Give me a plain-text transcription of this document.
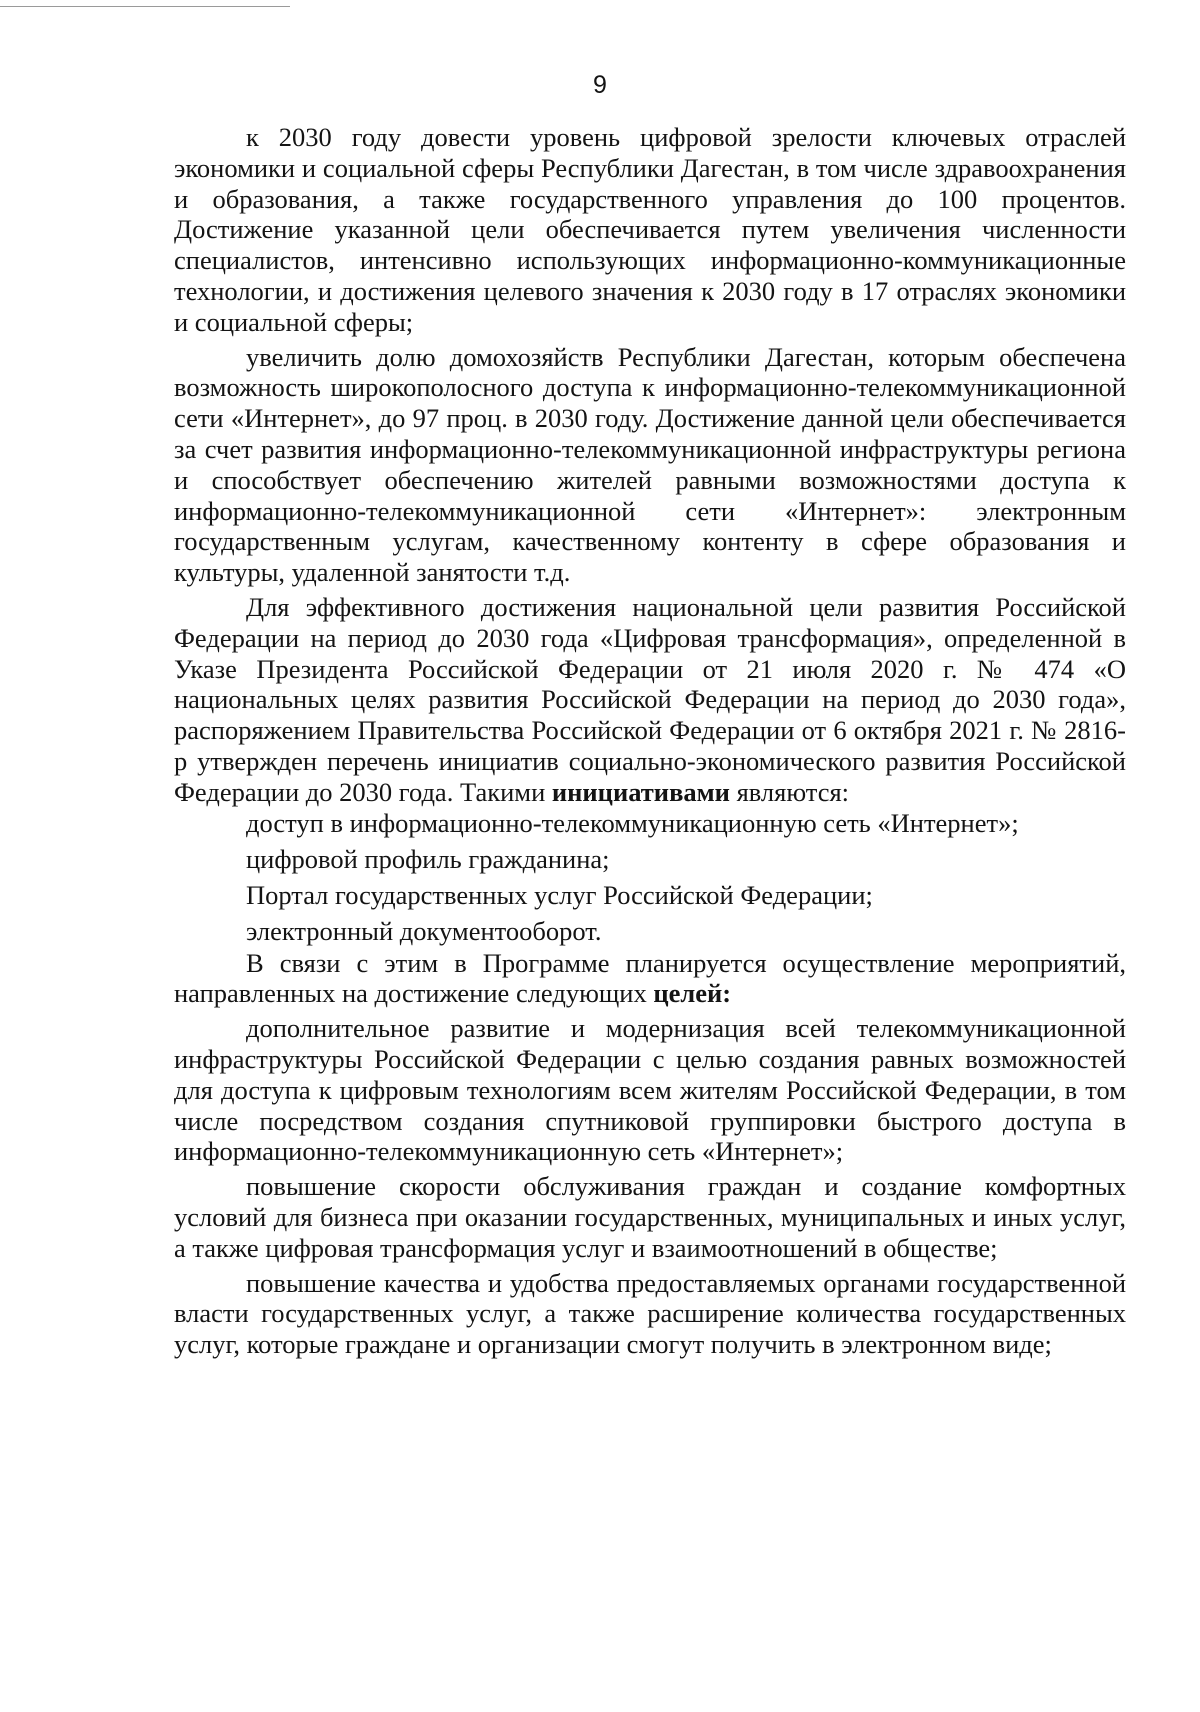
9

к 2030 году довести уровень цифровой зрелости ключевых отраслей экономики и социальной сферы Республики Дагестан, в том числе здравоохранения и образования, а также государственного управления до 100 процентов. Достижение указанной цели обеспечивается путем увеличения численности специалистов, интенсивно использующих информационно-коммуникационные технологии, и достижения целевого значения к 2030 году в 17 отраслях экономики и социальной сферы;

увеличить долю домохозяйств Республики Дагестан, которым обеспечена возможность широкополосного доступа к информационно-телекоммуникационной сети «Интернет», до 97 проц. в 2030 году. Достижение данной цели обеспечивается за счет развития информационно-телекоммуникационной инфраструктуры региона и способствует обеспечению жителей равными возможностями доступа к информационно-телекоммуникационной сети «Интернет»: электронным государственным услугам, качественному контенту в сфере образования и культуры, удаленной занятости т.д.

Для эффективного достижения национальной цели развития Российской Федерации на период до 2030 года «Цифровая трансформация», определенной в Указе Президента Российской Федерации от 21 июля 2020 г. № 474 «О национальных целях развития Российской Федерации на период до 2030 года», распоряжением Правительства Российской Федерации от 6 октября 2021 г. № 2816-р утвержден перечень инициатив социально-экономического развития Российской Федерации до 2030 года. Такими инициативами являются:

доступ в информационно-телекоммуникационную сеть «Интернет»;
цифровой профиль гражданина;
Портал государственных услуг Российской Федерации;
электронный документооборот.

В связи с этим в Программе планируется осуществление мероприятий, направленных на достижение следующих целей:

дополнительное развитие и модернизация всей телекоммуникационной инфраструктуры Российской Федерации с целью создания равных возможностей для доступа к цифровым технологиям всем жителям Российской Федерации, в том числе посредством создания спутниковой группировки быстрого доступа в информационно-телекоммуникационную сеть «Интернет»;

повышение скорости обслуживания граждан и создание комфортных условий для бизнеса при оказании государственных, муниципальных и иных услуг, а также цифровая трансформация услуг и взаимоотношений в обществе;

повышение качества и удобства предоставляемых органами государственной власти государственных услуг, а также расширение количества государственных услуг, которые граждане и организации смогут получить в электронном виде;
